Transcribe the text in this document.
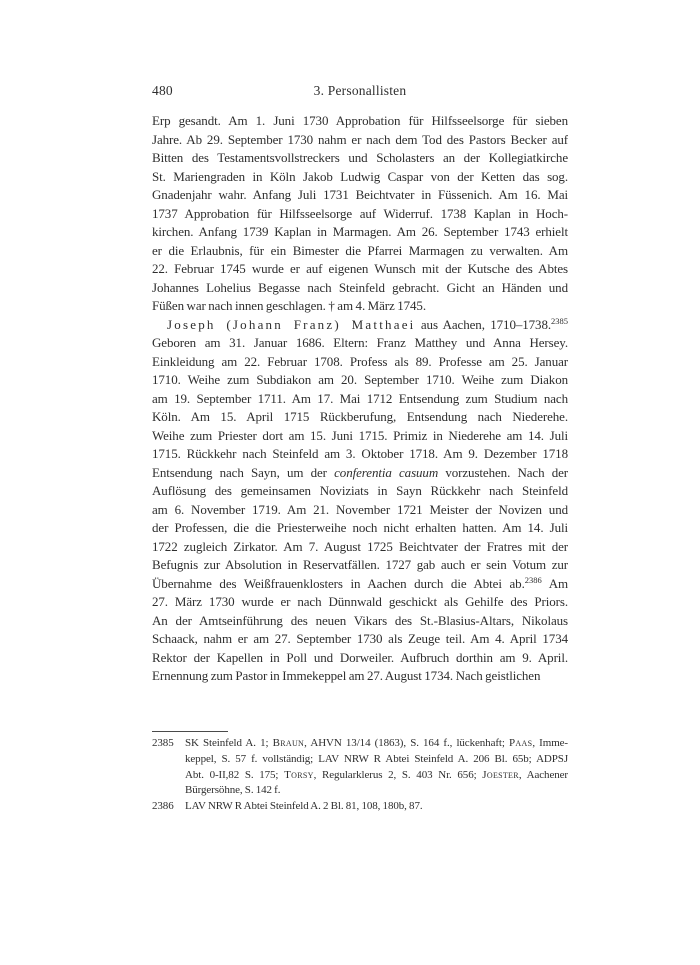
480	3. Personallisten
Erp gesandt. Am 1. Juni 1730 Approbation für Hilfsseelsorge für sieben
Jahre. Ab 29. September 1730 nahm er nach dem Tod des Pastors Becker auf
Bitten des Testamentsvollstreckers und Scholasters an der Kollegiatkirche
St. Mariengraden in Köln Jakob Ludwig Caspar von der Ketten das sog.
Gnadenjahr wahr. Anfang Juli 1731 Beichtvater in Füssenich. Am 16. Mai
1737 Approbation für Hilfsseelsorge auf Widerruf. 1738 Kaplan in Hoch-
kirchen. Anfang 1739 Kaplan in Marmagen. Am 26. September 1743 erhielt
er die Erlaubnis, für ein Bimester die Pfarrei Marmagen zu verwalten. Am
22. Februar 1745 wurde er auf eigenen Wunsch mit der Kutsche des Abtes
Johannes Lohelius Begasse nach Steinfeld gebracht. Gicht an Händen und
Füßen war nach innen geschlagen. † am 4. März 1745.
Joseph (Johann Franz) Matthaei aus Aachen, 1710–1738.$^{2385}$
Geboren am 31. Januar 1686. Eltern: Franz Matthey und Anna Hersey.
Einkleidung am 22. Februar 1708. Profess als 89. Professe am 25. Januar
1710. Weihe zum Subdiakon am 20. September 1710. Weihe zum Diakon
am 19. September 1711. Am 17. Mai 1712 Entsendung zum Studium nach
Köln. Am 15. April 1715 Rückberufung, Entsendung nach Niederehe.
Weihe zum Priester dort am 15. Juni 1715. Primiz in Niederehe am 14. Juli
1715. Rückkehr nach Steinfeld am 3. Oktober 1718. Am 9. Dezember 1718
Entsendung nach Sayn, um der conferentia casuum vorzustehen. Nach der
Auflösung des gemeinsamen Noviziats in Sayn Rückkehr nach Steinfeld
am 6. November 1719. Am 21. November 1721 Meister der Novizen und
der Professen, die die Priesterweihe noch nicht erhalten hatten. Am 14. Juli
1722 zugleich Zirkator. Am 7. August 1725 Beichtvater der Fratres mit der
Befugnis zur Absolution in Reservatfällen. 1727 gab auch er sein Votum zur
Übernahme des Weißfrauenklosters in Aachen durch die Abtei ab.$^{2386}$ Am
27. März 1730 wurde er nach Dünnwald geschickt als Gehilfe des Priors.
An der Amtseinführung des neuen Vikars des St.-Blasius-Altars, Nikolaus
Schaack, nahm er am 27. September 1730 als Zeuge teil. Am 4. April 1734
Rektor der Kapellen in Poll und Dorweiler. Aufbruch dorthin am 9. April.
Ernennung zum Pastor in Immekeppel am 27. August 1734. Nach geistlichen
2385	SK Steinfeld A. 1; Braun, AHVN 13/14 (1863), S. 164 f., lückenhaft; Paas, Imme-
keppel, S. 57 f. vollständig; LAV NRW R Abtei Steinfeld A. 206 Bl. 65b; ADPSJ
Abt. 0-II,82 S. 175; Torsy, Regularklerus 2, S. 403 Nr. 656; Joester, Aachener
Bürgersöhne, S. 142 f.
2386	LAV NRW R Abtei Steinfeld A. 2 Bl. 81, 108, 180b, 87.
